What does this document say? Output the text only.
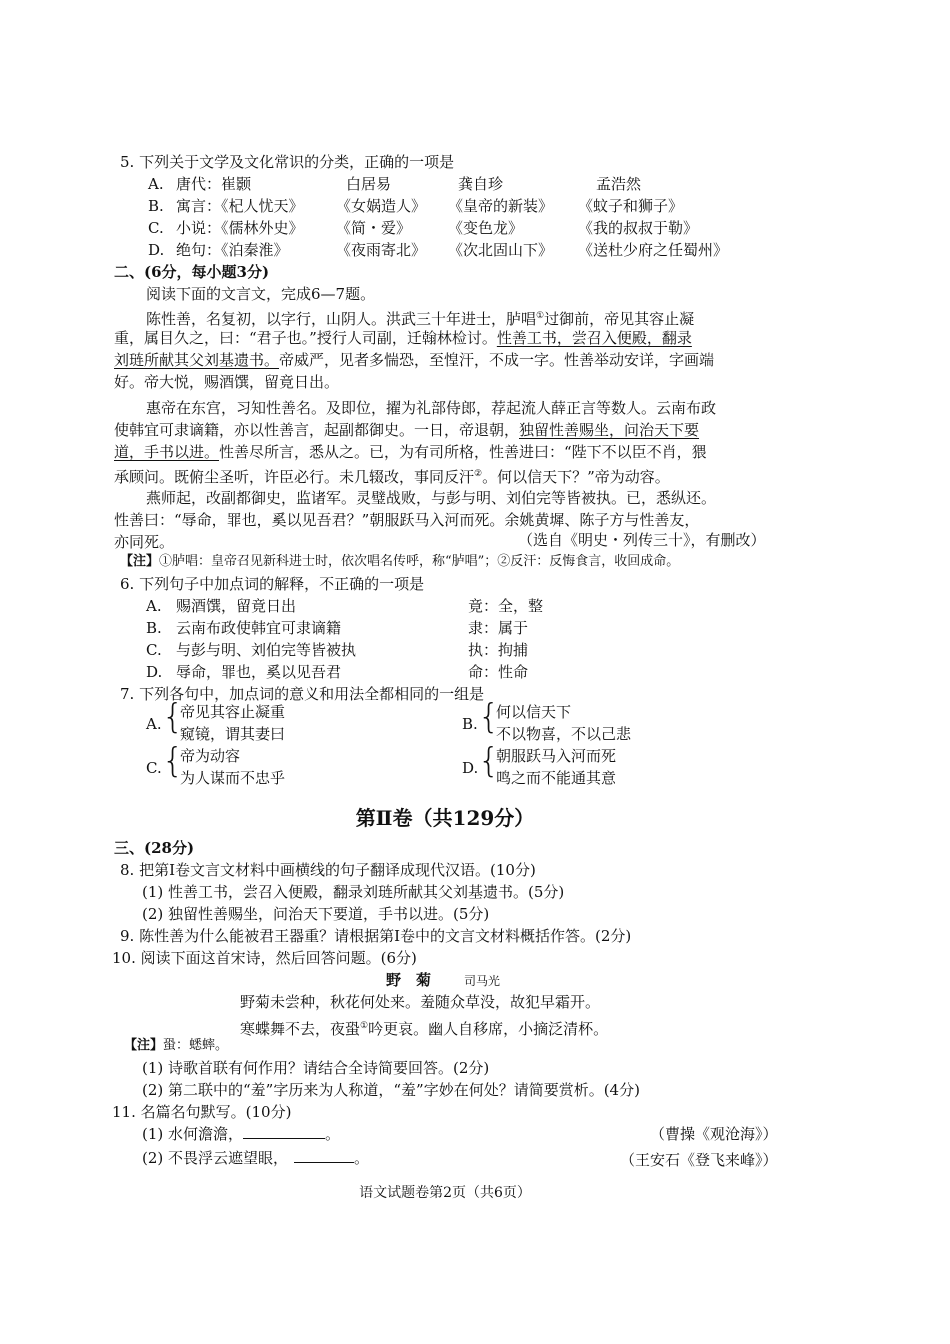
5. 下列关于文学及文化常识的分类，正确的一项是
A. 唐代：崔颢	白居易	龚自珍	孟浩然
B. 寓言：《杞人忧天》 《女娲造人》 《皇帝的新装》 《蚊子和狮子》
C. 小说：《儒林外史》 《简・爱》 《变色龙》	《我的叔叔于勒》
D. 绝句：《泊秦淮》	《夜雨寄北》 《次北固山下》 《送杜少府之任蜀州》
二、(6分，每小题3分)
阅读下面的文言文，完成6—7题。
陈性善，名复初，以字行，山阴人。洪武三十年进士，胪唱①过御前，帝见其容止凝
重，属目久之，曰：“君子也。”授行人司副，迁翰林检讨。性善工书，尝召入便殿，翻录
刘琏所献其父刘基遗书。帝威严，见者多惴恐，至惶汗，不成一字。性善举动安详，字画端
好。帝大悦，赐酒馔，留竟日出。
惠帝在东宫，习知性善名。及即位，擢为礼部侍郎，荐起流人薛正言等数人。云南布政
使韩宜可隶谪籍，亦以性善言，起副都御史。一日，帝退朝，独留性善赐坐，问治天下要
道，手书以进。性善尽所言，悉从之。已，为有司所格，性善进曰：“陛下不以臣不肖，猥
承顾问。既俯尘圣听，许臣必行。未几辍改，事同反汗②。何以信天下？”帝为动容。
燕师起，改副都御史，监诸军。灵璧战败，与彭与明、刘伯完等皆被执。已，悉纵还。
性善曰：“辱命，罪也，奚以见吾君？”朝服跃马入河而死。余姚黄墀、陈子方与性善友，
亦同死。	（选自《明史・列传三十》，有删改）
【注】①胪唱：皇帝召见新科进士时，依次唱名传呼，称“胪唱”；②反汗：反悔食言，收回成命。
6. 下列句子中加点词的解释，不正确的一项是
A. 赐酒馔，留竟日出	竟：全，整
B. 云南布政使韩宜可隶谪籍	隶：属于
C. 与彭与明、刘伯完等皆被执	执：拘捕
D. 辱命，罪也，奚以见吾君	命：性命
7. 下列各句中，加点词的意义和用法全都相同的一组是
A. {
帝见其容止凝重
窥镜，谓其妻曰
B. {
何以信天下
不以物喜，不以己悲
C. {
帝为动容
为人谋而不忠乎
D. {
朝服跃马入河而死
鸣之而不能通其意
第Ⅱ卷（共129分）
三、(28分)
8. 把第Ⅰ卷文言文材料中画横线的句子翻译成现代汉语。(10分)
(1) 性善工书，尝召入便殿，翻录刘琏所献其父刘基遗书。(5分)
(2) 独留性善赐坐，问治天下要道，手书以进。(5分)
9. 陈性善为什么能被君王器重？请根据第Ⅰ卷中的文言文材料概括作答。(2分)
10. 阅读下面这首宋诗，然后回答问题。(6分)
野　菊	司马光
野菊未尝种，秋花何处来。羞随众草没，故犯早霜开。
寒蝶舞不去，夜蛩①吟更哀。幽人自移席，小摘泛清杯。
【注】蛩：蟋蟀。
(1) 诗歌首联有何作用？请结合全诗简要回答。(2分)
(2) 第二联中的“羞”字历来为人称道，“羞”字妙在何处？请简要赏析。(4分)
11. 名篇名句默写。(10分)
(1) 水何澹澹，	。	（曹操《观沧海》）
(2) 不畏浮云遮望眼，	。	（王安石《登飞来峰》）
语文试题卷第2页（共6页）
